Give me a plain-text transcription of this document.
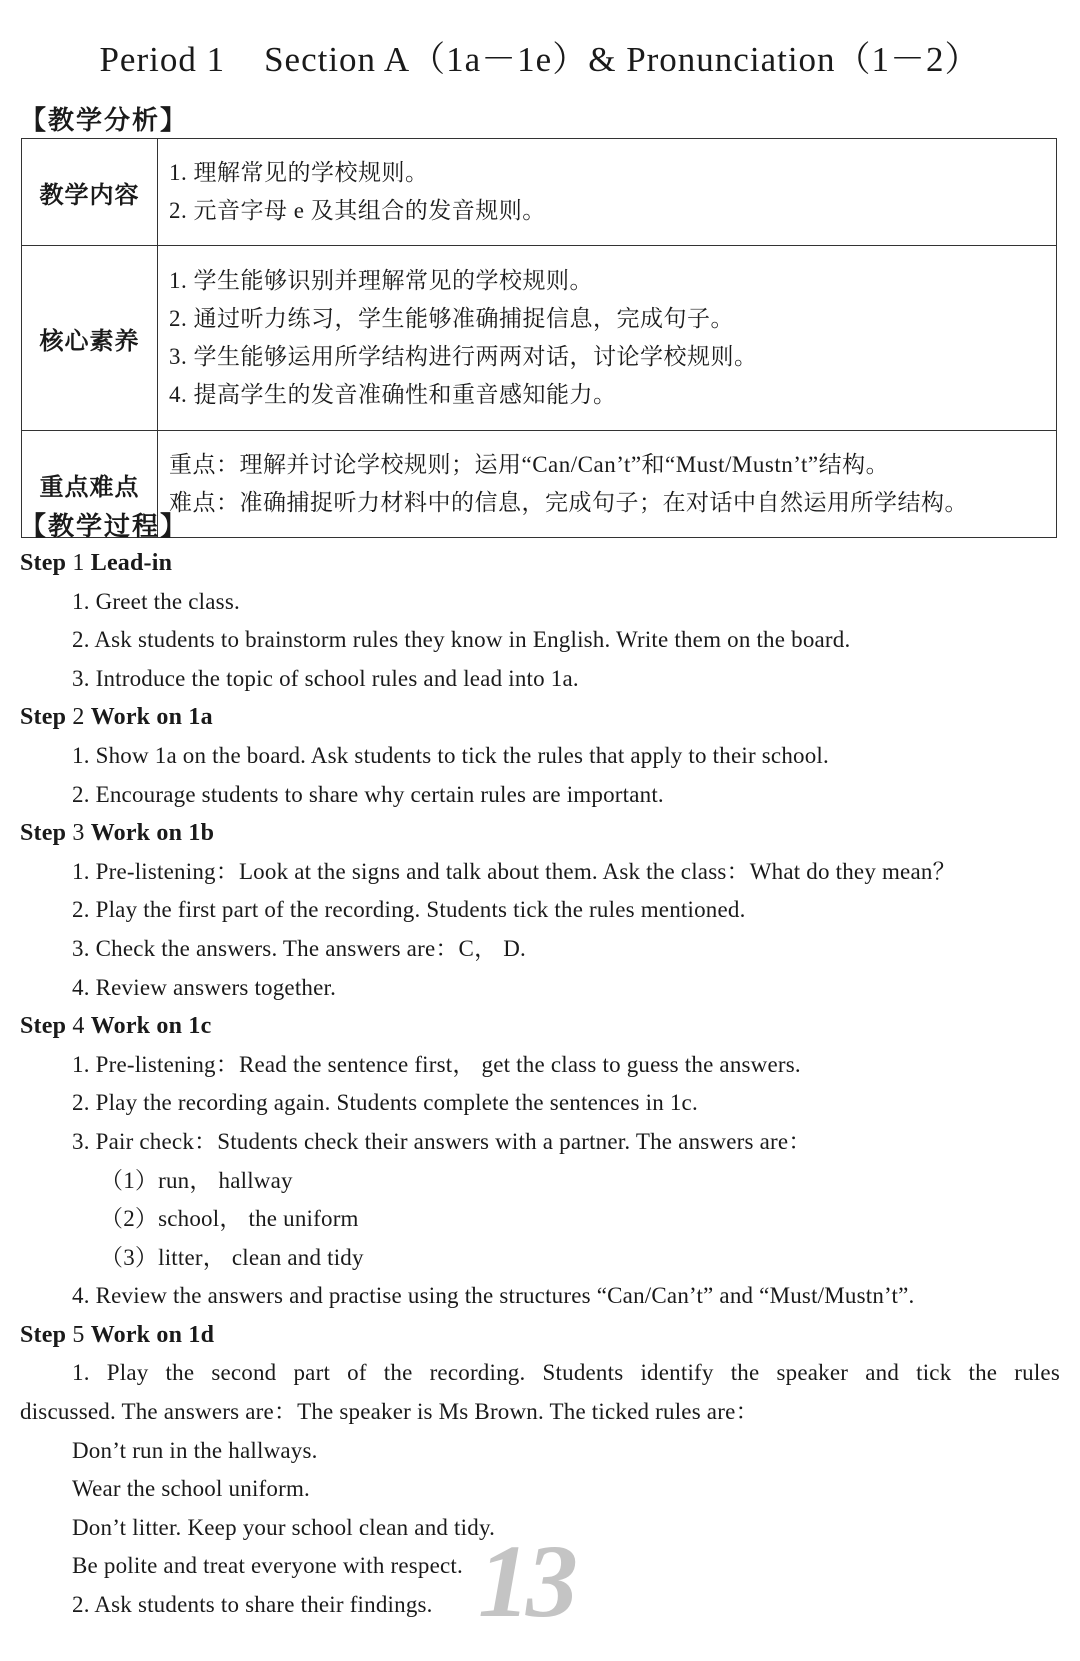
Period 1    Section A（1a－1e）& Pronunciation（1－2）
【教学分析】
教学内容	1. 理解常见的学校规则。
2. 元音字母 e 及其组合的发音规则。

核心素养	1. 学生能够识别并理解常见的学校规则。
2. 通过听力练习，学生能够准确捕捉信息，完成句子。
3. 学生能够运用所学结构进行两两对话，讨论学校规则。
4. 提高学生的发音准确性和重音感知能力。

重点难点	重点：理解并讨论学校规则；运用“Can/Can’t”和“Must/Mustn’t”结构。
难点：准确捕捉听力材料中的信息，完成句子；在对话中自然运用所学结构。
【教学过程】
Step 1 Lead-in
1. Greet the class.
2. Ask students to brainstorm rules they know in English. Write them on the board.
3. Introduce the topic of school rules and lead into 1a.
Step 2 Work on 1a
1. Show 1a on the board. Ask students to tick the rules that apply to their school.
2. Encourage students to share why certain rules are important.
Step 3 Work on 1b
1. Pre-listening：Look at the signs and talk about them. Ask the class：What do they mean？
2. Play the first part of the recording. Students tick the rules mentioned.
3. Check the answers. The answers are：C， D.
4. Review answers together.
Step 4 Work on 1c
1. Pre-listening：Read the sentence first， get the class to guess the answers.
2. Play the recording again. Students complete the sentences in 1c.
3. Pair check：Students check their answers with a partner. The answers are：
（1）run， hallway
（2）school， the uniform
（3）litter， clean and tidy
4. Review the answers and practise using the structures “Can/Can’t” and “Must/Mustn’t”.
Step 5 Work on 1d
1. Play the second part of the recording. Students identify the speaker and tick the rules
discussed. The answers are：The speaker is Ms Brown. The ticked rules are：
Don’t run in the hallways.
Wear the school uniform.
Don’t litter. Keep your school clean and tidy.
Be polite and treat everyone with respect.
2. Ask students to share their findings. 13
